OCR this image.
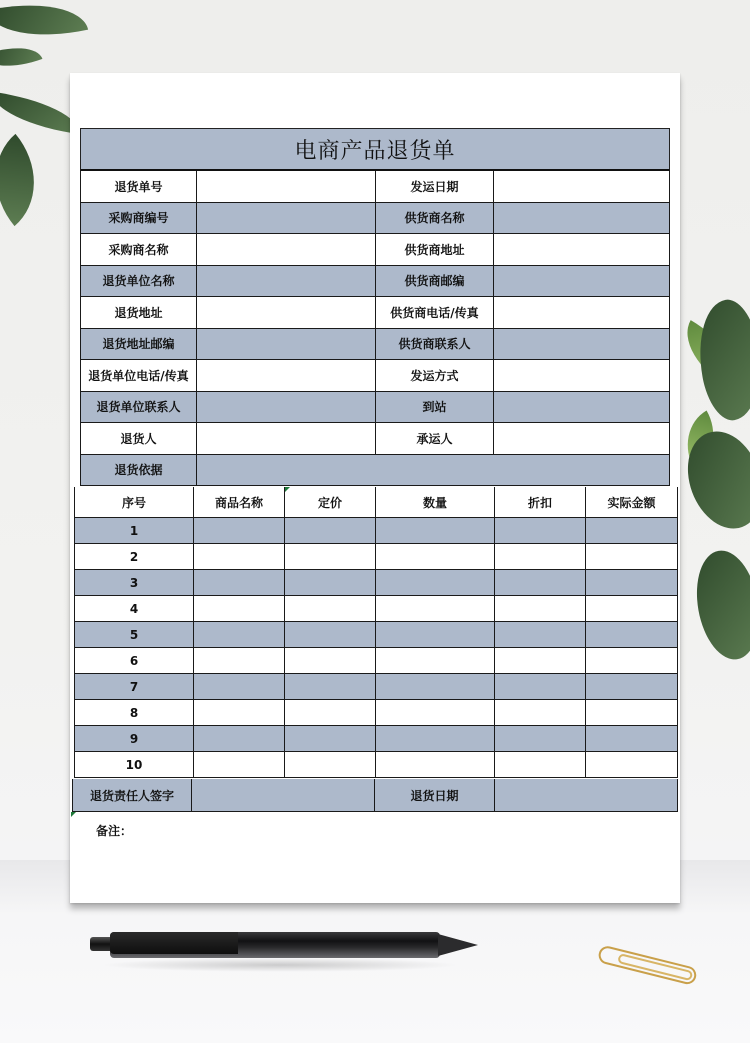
电商产品退货单
退货单号	发运日期
采购商编号	供货商名称
采购商名称	供货商地址
退货单位名称	供货商邮编
退货地址	供货商电话/传真
退货地址邮编	供货商联系人
退货单位电话/传真	发运方式
退货单位联系人	到站
退货人	承运人
退货依据
序号	商品名称	定价	数量	折扣	实际金额
1
2
3
4
5
6
7
8
9
10
退货责任人签字	退货日期
备注：
